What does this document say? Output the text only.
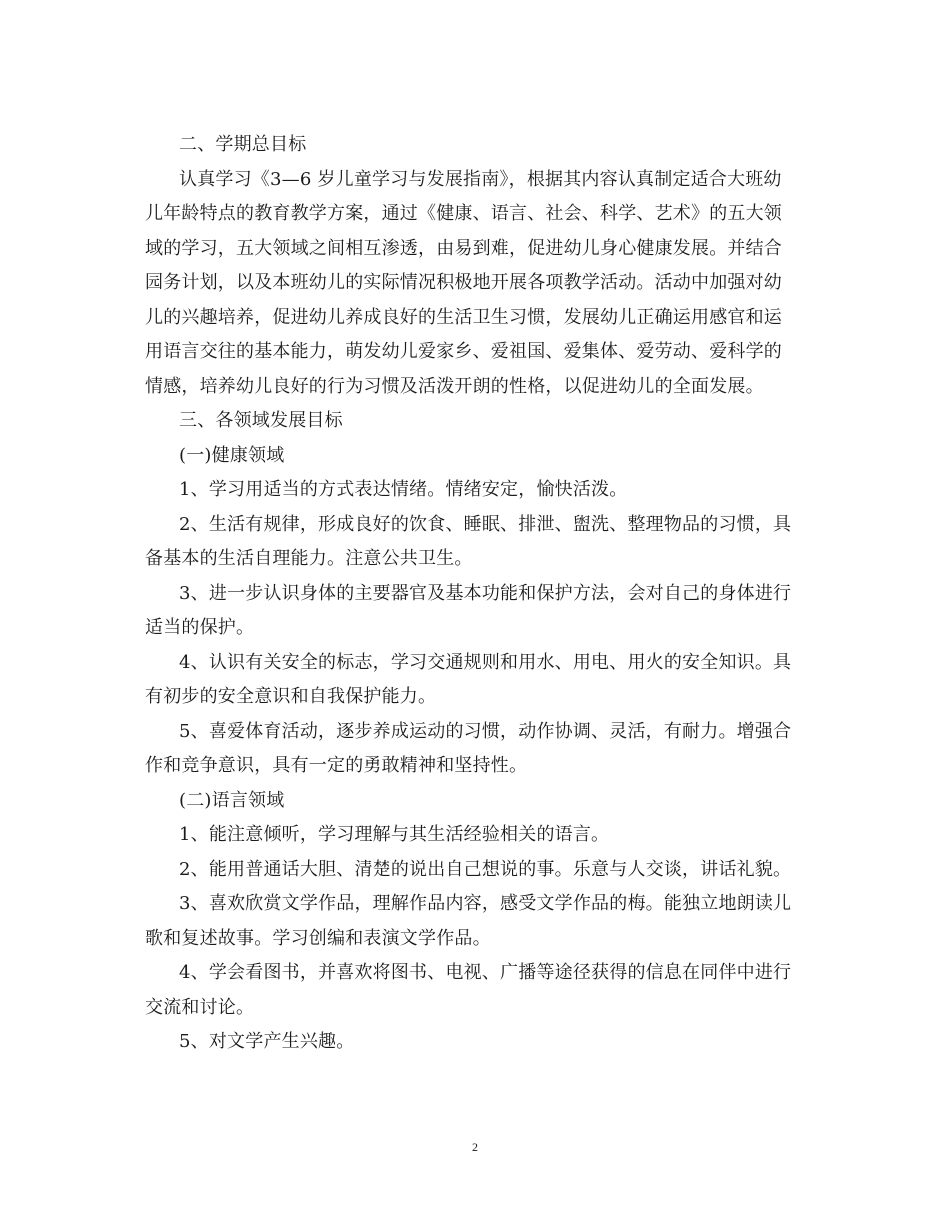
二、学期总目标

认真学习《3—6 岁儿童学习与发展指南》，根据其内容认真制定适合大班幼

儿年龄特点的教育教学方案，通过《健康、语言、社会、科学、艺术》的五大领

域的学习，五大领域之间相互渗透，由易到难，促进幼儿身心健康发展。并结合

园务计划，以及本班幼儿的实际情况积极地开展各项教学活动。活动中加强对幼

儿的兴趣培养，促进幼儿养成良好的生活卫生习惯，发展幼儿正确运用感官和运

用语言交往的基本能力，萌发幼儿爱家乡、爱祖国、爱集体、爱劳动、爱科学的

情感，培养幼儿良好的行为习惯及活泼开朗的性格，以促进幼儿的全面发展。

三、各领域发展目标

(一)健康领域

1、学习用适当的方式表达情绪。情绪安定，愉快活泼。

2、生活有规律，形成良好的饮食、睡眠、排泄、盥洗、整理物品的习惯，具

备基本的生活自理能力。注意公共卫生。

3、进一步认识身体的主要器官及基本功能和保护方法，会对自己的身体进行

适当的保护。

4、认识有关安全的标志，学习交通规则和用水、用电、用火的安全知识。具

有初步的安全意识和自我保护能力。

5、喜爱体育活动，逐步养成运动的习惯，动作协调、灵活，有耐力。增强合

作和竞争意识，具有一定的勇敢精神和坚持性。

(二)语言领域

1、能注意倾听，学习理解与其生活经验相关的语言。

2、能用普通话大胆、清楚的说出自己想说的事。乐意与人交谈，讲话礼貌。

3、喜欢欣赏文学作品，理解作品内容，感受文学作品的梅。能独立地朗读儿

歌和复述故事。学习创编和表演文学作品。

4、学会看图书，并喜欢将图书、电视、广播等途径获得的信息在同伴中进行

交流和讨论。

5、对文学产生兴趣。

2
